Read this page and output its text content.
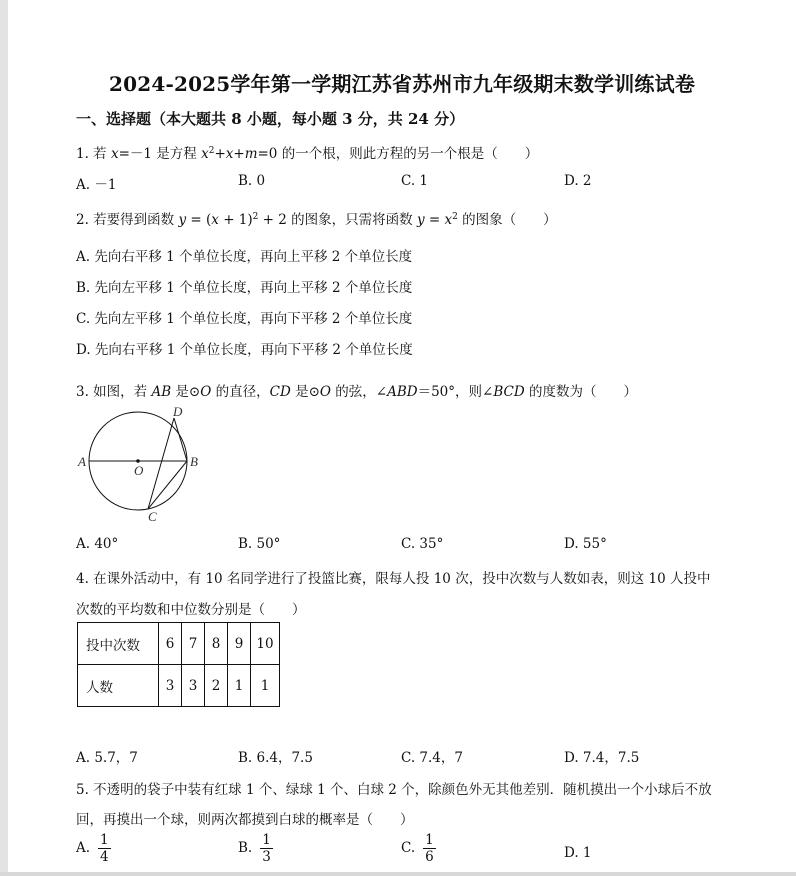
2024-2025学年第一学期江苏省苏州市九年级期末数学训练试卷
一、选择题（本大题共 8 小题，每小题 3 分，共 24 分）
1. 若 x=－1 是方程 $x^2+x+m=0$ 的一个根，则此方程的另一个根是（　　）
A. －1	B. 0	C. 1	D. 2
2. 若要得到函数 $y = (x + 1)^2 + 2$ 的图象，只需将函数 $y = x^2$ 的图象（　　）
A. 先向右平移 1 个单位长度，再向上平移 2 个单位长度
B. 先向左平移 1 个单位长度，再向上平移 2 个单位长度
C. 先向左平移 1 个单位长度，再向下平移 2 个单位长度
D. 先向右平移 1 个单位长度，再向下平移 2 个单位长度
3. 如图，若 AB 是⊙O 的直径，CD 是⊙O 的弦，∠ABD＝50°，则∠BCD 的度数为（　　）
A	B
C
D
O
A. 40°	B. 50°	C. 35°	D. 55°
4. 在课外活动中，有 10 名同学进行了投篮比赛，限每人投 10 次，投中次数与人数如表，则这 10 人投中
次数的平均数和中位数分别是（　　）
投中次数	6	7	8	9	10
人数	3	3	2	1	1
A. 5.7，7	B. 6.4，7.5	C. 7.4，7	D. 7.4，7.5
5. 不透明的袋子中装有红球 1 个、绿球 1 个、白球 2 个，除颜色外无其他差别．随机摸出一个小球后不放
回，再摸出一个球，则两次都摸到白球的概率是（　　）
A. $\frac{1}{4}$	B. $\frac{1}{3}$	C. $\frac{1}{6}$	D. 1
